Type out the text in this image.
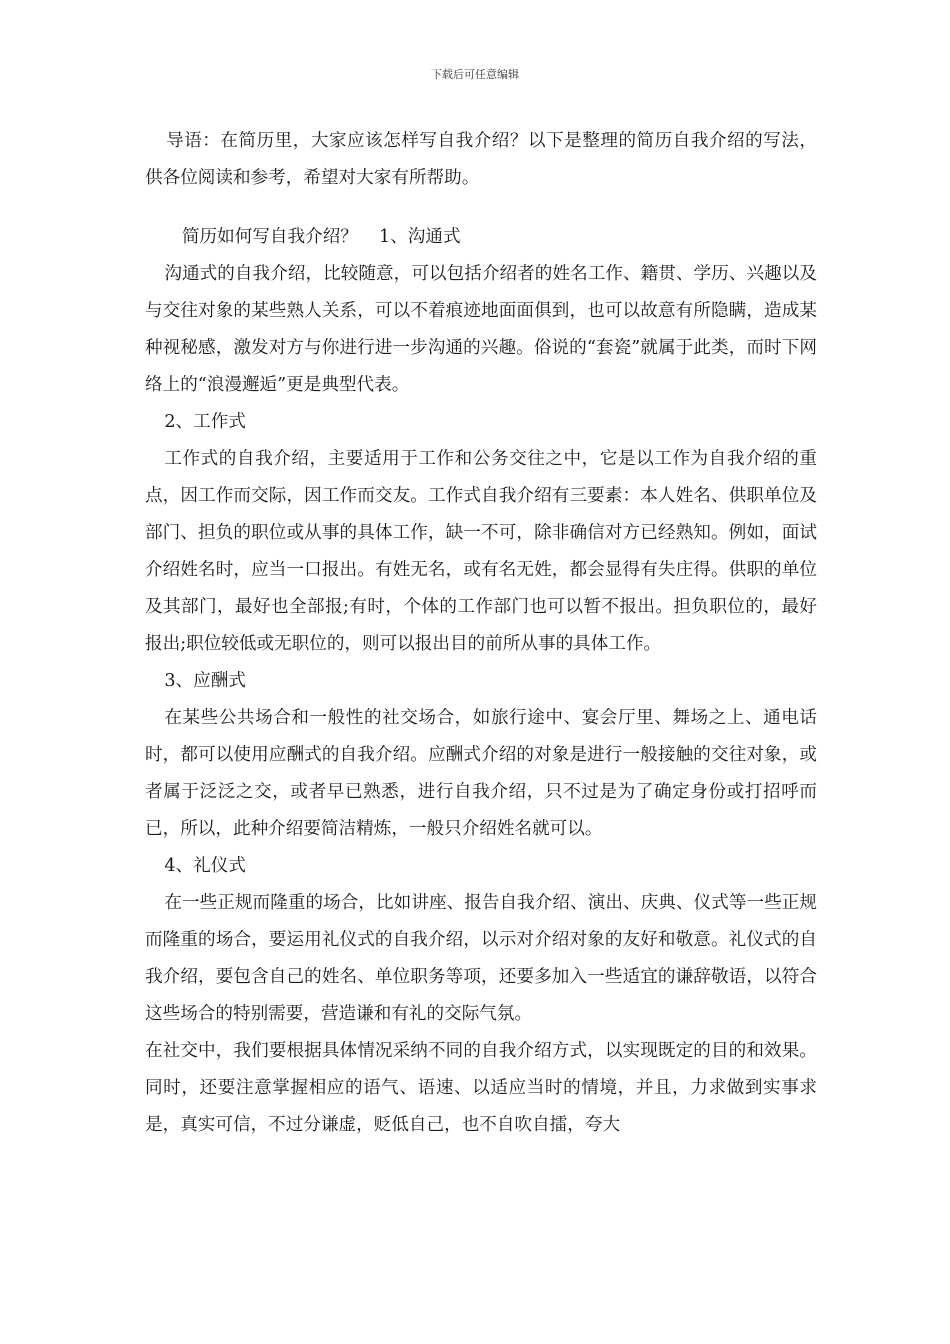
下载后可任意编辑

导语：在简历里，大家应该怎样写自我介绍？以下是整理的简历自我介绍的写法，供各位阅读和参考，希望对大家有所帮助。

简历如何写自我介绍？ 1、沟通式

沟通式的自我介绍，比较随意，可以包括介绍者的姓名工作、籍贯、学历、兴趣以及与交往对象的某些熟人关系，可以不着痕迹地面面俱到，也可以故意有所隐瞒，造成某种视秘感，激发对方与你进行进一步沟通的兴趣。俗说的“套瓷”就属于此类，而时下网络上的“浪漫邂逅”更是典型代表。

2、工作式

工作式的自我介绍，主要适用于工作和公务交往之中，它是以工作为自我介绍的重点，因工作而交际，因工作而交友。工作式自我介绍有三要素：本人姓名、供职单位及部门、担负的职位或从事的具体工作，缺一不可，除非确信对方已经熟知。例如，面试介绍姓名时，应当一口报出。有姓无名，或有名无姓，都会显得有失庄得。供职的单位及其部门，最好也全部报;有时，个体的工作部门也可以暂不报出。担负职位的，最好报出;职位较低或无职位的，则可以报出目的前所从事的具体工作。

3、应酬式

在某些公共场合和一般性的社交场合，如旅行途中、宴会厅里、舞场之上、通电话时，都可以使用应酬式的自我介绍。应酬式介绍的对象是进行一般接触的交往对象，或者属于泛泛之交，或者早已熟悉，进行自我介绍，只不过是为了确定身份或打招呼而已，所以，此种介绍要简洁精炼，一般只介绍姓名就可以。

4、礼仪式

在一些正规而隆重的场合，比如讲座、报告自我介绍、演出、庆典、仪式等一些正规而隆重的场合，要运用礼仪式的自我介绍，以示对介绍对象的友好和敬意。礼仪式的自我介绍，要包含自己的姓名、单位职务等项，还要多加入一些适宜的谦辞敬语，以符合这些场合的特别需要，营造谦和有礼的交际气氛。

在社交中，我们要根据具体情况采纳不同的自我介绍方式，以实现既定的目的和效果。同时，还要注意掌握相应的语气、语速、以适应当时的情境，并且，力求做到实事求是，真实可信，不过分谦虚，贬低自己，也不自吹自擂，夸大
